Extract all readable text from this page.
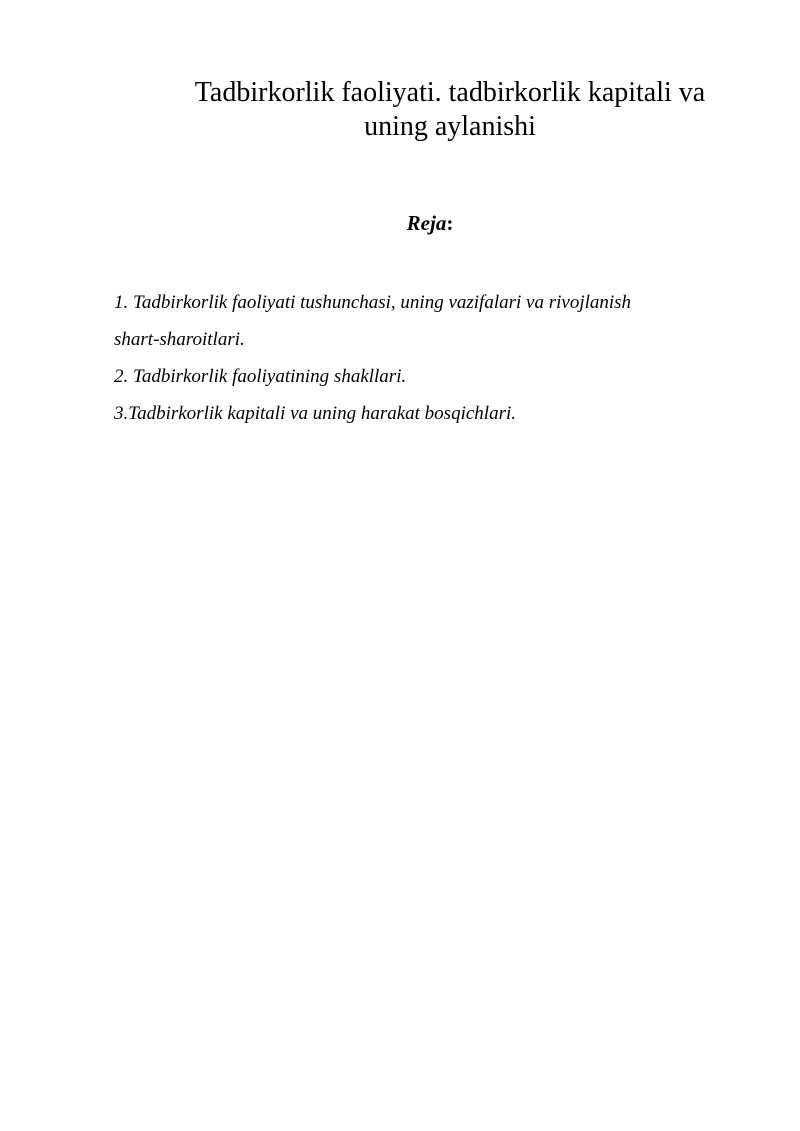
Tadbirkorlik faoliyati. tadbirkorlik kapitali va
uning aylanishi
Reja:
1. Tadbirkorlik faoliyati tushunchasi, uning vazifalari va rivojlanish
shart-sharoitlari.
2. Tadbirkorlik faoliyatining shakllari.
3.Tadbirkorlik kapitali va uning harakat bosqichlari.
